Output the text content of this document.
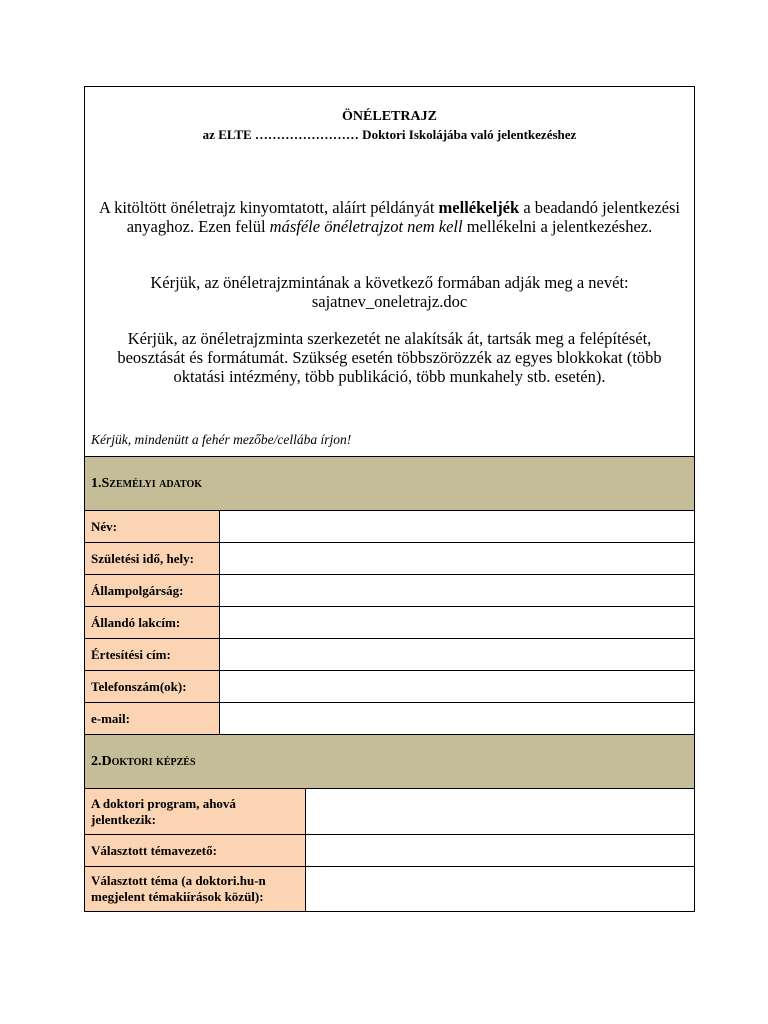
ÖNÉLETRAJZ
az ELTE …………………… Doktori Iskolájába való jelentkezéshez
A kitöltött önéletrajz kinyomtatott, aláírt példányát mellékeljék a beadandó jelentkezési anyaghoz. Ezen felül másféle önéletrajzot nem kell mellékelni a jelentkezéshez.
Kérjük, az önéletrajzmintának a következő formában adják meg a nevét: sajatnev_oneletrajz.doc
Kérjük, az önéletrajzminta szerkezetét ne alakítsák át, tartsák meg a felépítését, beosztását és formátumát. Szükség esetén többszörözzék az egyes blokkokat (több oktatási intézmény, több publikáció, több munkahely stb. esetén).
Kérjük, mindenütt a fehér mezőbe/cellába írjon!
1. Személyi adatok
Név:
Születési idő, hely:
Állampolgárság:
Állandó lakcím:
Értesítési cím:
Telefonszám(ok):
e-mail:
2. Doktori képzés
A doktori program, ahová jelentkezik:
Választott témavezető:
Választott téma (a doktori.hu-n megjelent témakiírások közül):
